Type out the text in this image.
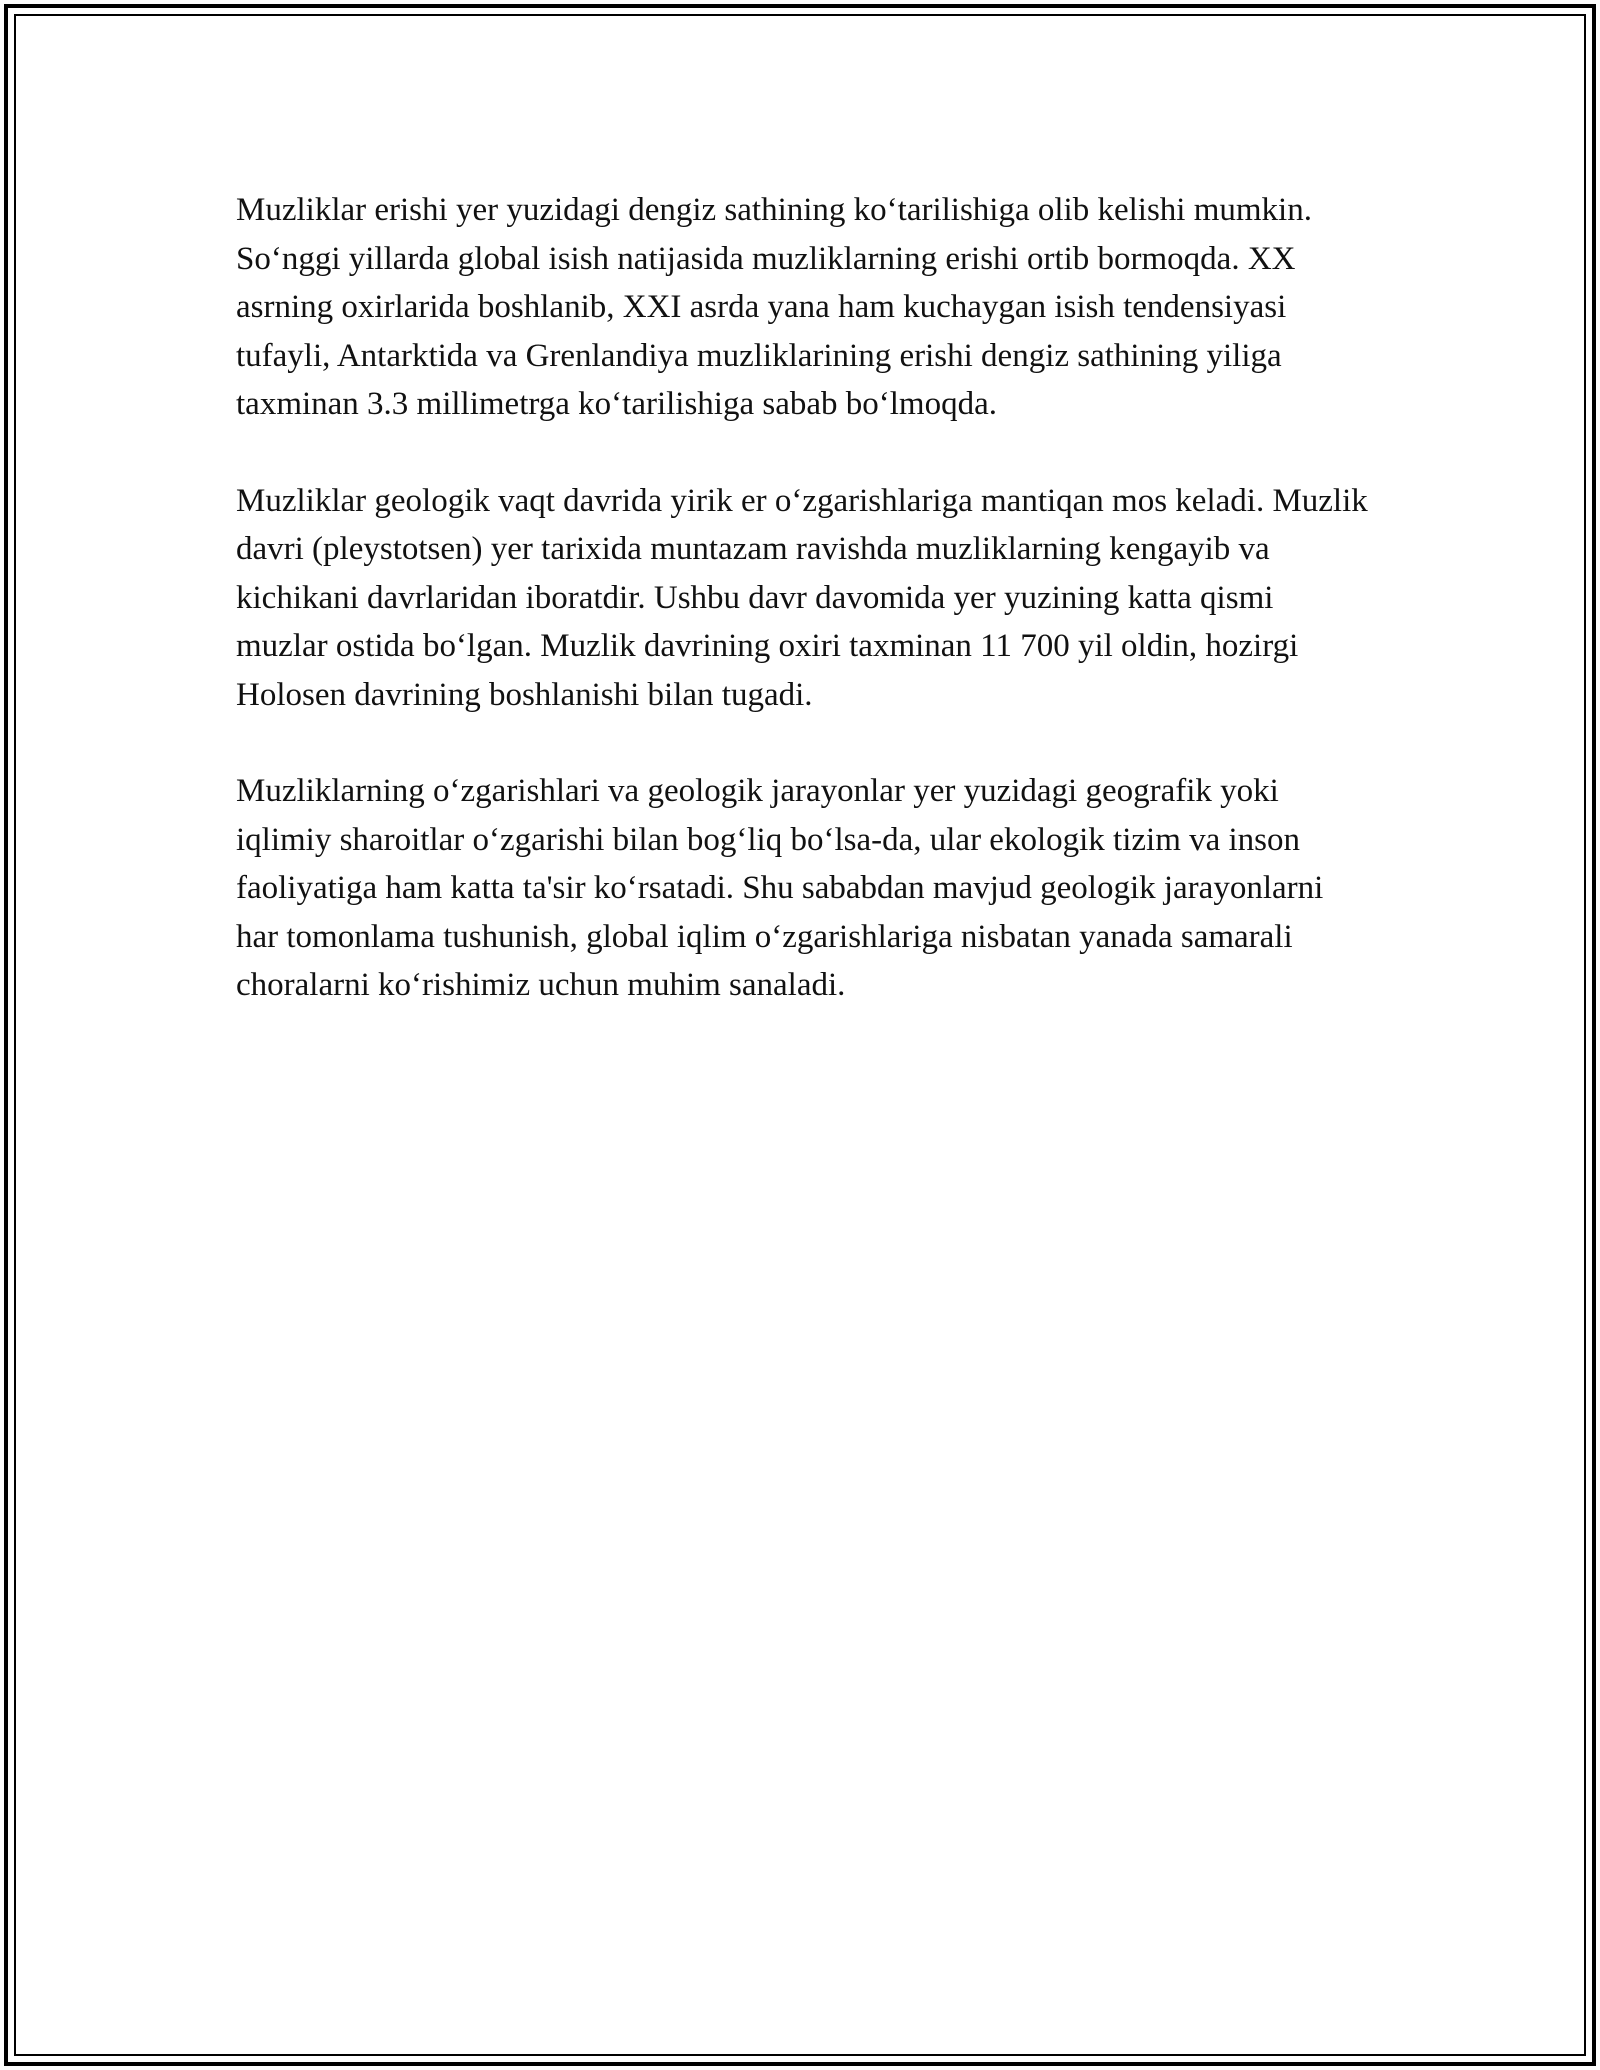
Muzliklar erishi yer yuzidagi dengiz sathining ko‘tarilishiga olib kelishi mumkin. So‘nggi yillarda global isish natijasida muzliklarning erishi ortib bormoqda. XX asrning oxirlarida boshlanib, XXI asrda yana ham kuchaygan isish tendensiyasi tufayli, Antarktida va Grenlandiya muzliklarining erishi dengiz sathining yiliga taxminan 3.3 millimetrga ko‘tarilishiga sabab bo‘lmoqda.

Muzliklar geologik vaqt davrida yirik er o‘zgarishlariga mantiqan mos keladi. Muzlik davri (pleystotsen) yer tarixida muntazam ravishda muzliklarning kengayib va kichikani davrlaridan iboratdir. Ushbu davr davomida yer yuzining katta qismi muzlar ostida bo‘lgan. Muzlik davrining oxiri taxminan 11 700 yil oldin, hozirgi Holosen davrining boshlanishi bilan tugadi.

Muzliklarning o‘zgarishlari va geologik jarayonlar yer yuzidagi geografik yoki iqlimiy sharoitlar o‘zgarishi bilan bog‘liq bo‘lsa-da, ular ekologik tizim va inson faoliyatiga ham katta ta'sir ko‘rsatadi. Shu sababdan mavjud geologik jarayonlarni har tomonlama tushunish, global iqlim o‘zgarishlariga nisbatan yanada samarali choralarni ko‘rishimiz uchun muhim sanaladi.
